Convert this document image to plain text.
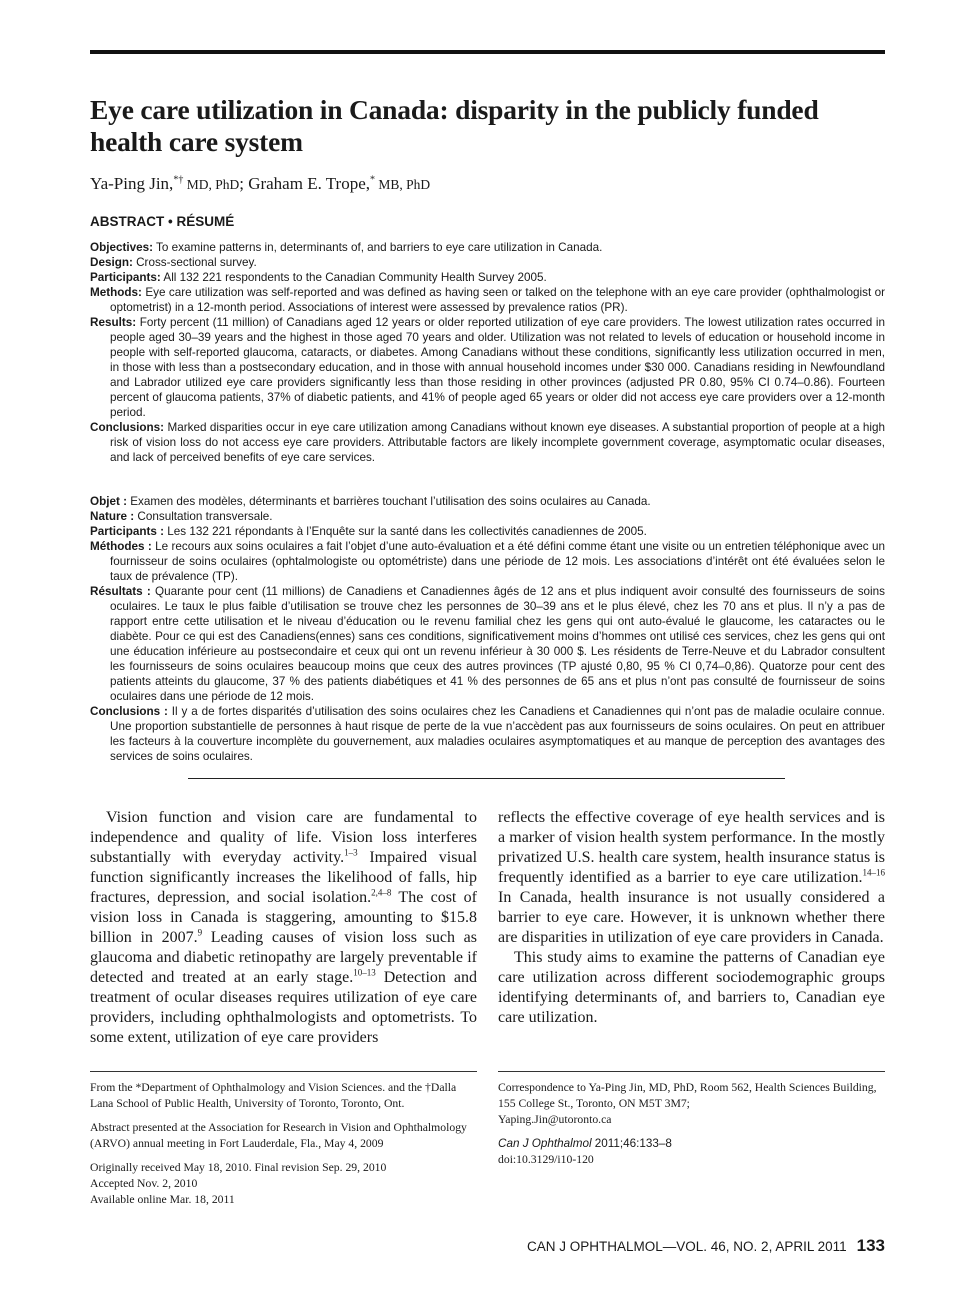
Eye care utilization in Canada: disparity in the publicly funded health care system
Ya-Ping Jin,*† MD, PhD; Graham E. Trope,* MB, PhD
ABSTRACT • RÉSUMÉ

Objectives: To examine patterns in, determinants of, and barriers to eye care utilization in Canada.

Design: Cross-sectional survey.

Participants: All 132 221 respondents to the Canadian Community Health Survey 2005.

Methods: Eye care utilization was self-reported and was defined as having seen or talked on the telephone with an eye care provider (ophthalmologist or optometrist) in a 12-month period. Associations of interest were assessed by prevalence ratios (PR).

Results: Forty percent (11 million) of Canadians aged 12 years or older reported utilization of eye care providers. The lowest utilization rates occurred in people aged 30–39 years and the highest in those aged 70 years and older. Utilization was not related to levels of education or household income in people with self-reported glaucoma, cataracts, or diabetes. Among Canadians without these conditions, significantly less utilization occurred in men, in those with less than a postsecondary education, and in those with annual household incomes under $30 000. Canadians residing in Newfoundland and Labrador utilized eye care providers significantly less than those residing in other provinces (adjusted PR 0.80, 95% CI 0.74–0.86). Fourteen percent of glaucoma patients, 37% of diabetic patients, and 41% of people aged 65 years or older did not access eye care providers over a 12-month period.

Conclusions: Marked disparities occur in eye care utilization among Canadians without known eye diseases. A substantial proportion of people at a high risk of vision loss do not access eye care providers. Attributable factors are likely incomplete government coverage, asymptomatic ocular diseases, and lack of perceived benefits of eye care services.

Objet : Examen des modèles, déterminants et barrières touchant l’utilisation des soins oculaires au Canada.

Nature : Consultation transversale.

Participants : Les 132 221 répondants à l’Enquête sur la santé dans les collectivités canadiennes de 2005.

Méthodes : Le recours aux soins oculaires a fait l’objet d’une auto-évaluation et a été défini comme étant une visite ou un entretien téléphonique avec un fournisseur de soins oculaires (ophtalmologiste ou optométriste) dans une période de 12 mois. Les associations d’intérêt ont été évaluées selon le taux de prévalence (TP).

Résultats : Quarante pour cent (11 millions) de Canadiens et Canadiennes âgés de 12 ans et plus indiquent avoir consulté des fournisseurs de soins oculaires. Le taux le plus faible d’utilisation se trouve chez les personnes de 30–39 ans et le plus élevé, chez les 70 ans et plus. Il n’y a pas de rapport entre cette utilisation et le niveau d’éducation ou le revenu familial chez les gens qui ont auto-évalué le glaucome, les cataractes ou le diabète. Pour ce qui est des Canadiens(ennes) sans ces conditions, significativement moins d’hommes ont utilisé ces services, chez les gens qui ont une éducation inférieure au postsecondaire et ceux qui ont un revenu inférieur à 30 000 $. Les résidents de Terre-Neuve et du Labrador consultent les fournisseurs de soins oculaires beaucoup moins que ceux des autres provinces (TP ajusté 0,80, 95 % CI 0,74–0,86). Quatorze pour cent des patients atteints du glaucome, 37 % des patients diabétiques et 41 % des personnes de 65 ans et plus n’ont pas consulté de fournisseur de soins oculaires dans une période de 12 mois.

Conclusions : Il y a de fortes disparités d’utilisation des soins oculaires chez les Canadiens et Canadiennes qui n’ont pas de maladie oculaire connue. Une proportion substantielle de personnes à haut risque de perte de la vue n’accèdent pas aux fournisseurs de soins oculaires. On peut en attribuer les facteurs à la couverture incomplète du gouvernement, aux maladies oculaires asymptomatiques et au manque de perception des avantages des services de soins oculaires.

Vision function and vision care are fundamental to independence and quality of life. Vision loss interferes substantially with everyday activity.$^{1-3}$ Impaired visual function significantly increases the likelihood of falls, hip fractures, depression, and social isolation.$^{2,4-8}$ The cost of vision loss in Canada is staggering, amounting to $15.8 billion in 2007.$^9$ Leading causes of vision loss such as glaucoma and diabetic retinopathy are largely preventable if detected and treated at an early stage.$^{10-13}$ Detection and treatment of ocular diseases requires utilization of eye care providers, including ophthalmologists and optometrists. To some extent, utilization of eye care providers

reflects the effective coverage of eye health services and is a marker of vision health system performance. In the mostly privatized U.S. health care system, health insurance status is frequently identified as a barrier to eye care utilization.$^{14-16}$ In Canada, health insurance is not usually considered a barrier to eye care. However, it is unknown whether there are disparities in utilization of eye care providers in Canada.

This study aims to examine the patterns of Canadian eye care utilization across different sociodemographic groups identifying determinants of, and barriers to, Canadian eye care utilization.

From the *Department of Ophthalmology and Vision Sciences. and the †Dalla Lana School of Public Health, University of Toronto, Toronto, Ont.

Abstract presented at the Association for Research in Vision and Ophthalmology (ARVO) annual meeting in Fort Lauderdale, Fla., May 4, 2009

Originally received May 18, 2010. Final revision Sep. 29, 2010

Accepted Nov. 2, 2010

Available online Mar. 18, 2011

Correspondence to Ya-Ping Jin, MD, PhD, Room 562, Health Sciences Building, 155 College St., Toronto, ON M5T 3M7;

Yaping.Jin@utoronto.ca

Can J Ophthalmol 2011;46:133–8

doi:10.3129/i10-120

CAN J OPHTHALMOL—VOL. 46, NO. 2, APRIL 2011 133
